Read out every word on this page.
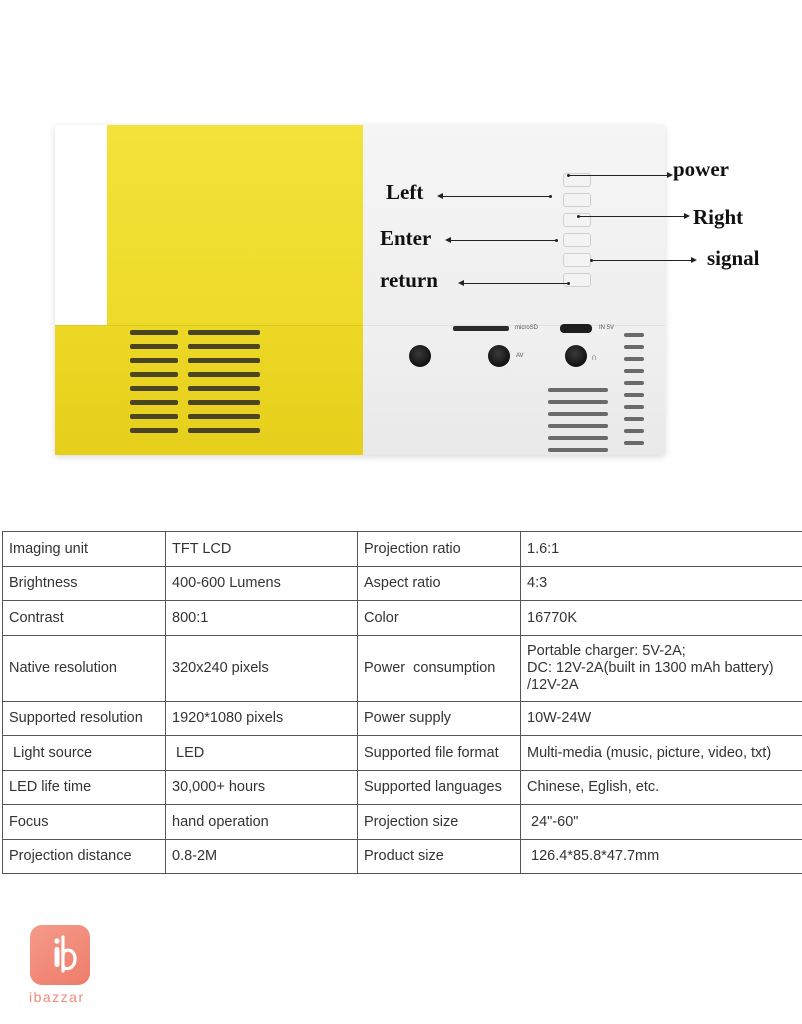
AV	∩
microSD	IN 5V
power
Left
Right
Enter
signal
return
Imaging unit	TFT LCD	Projection ratio	1.6:1
Brightness	400-600 Lumens	Aspect ratio	4:3
Contrast	800:1	Color	16770K
Native resolution	320x240 pixels	Power  consumption	Portable charger: 5V-2A;
DC: 12V-2A(built in 1300 mAh battery)
/12V-2A
Supported resolution	1920*1080 pixels	Power supply	10W-24W
Light source	LED	Supported file format	Multi-media (music, picture, video, txt)
LED life time	30,000+ hours	Supported languages	Chinese, Eglish, etc.
Focus	hand operation	Projection size	24"-60"
Projection distance	0.8-2M	Product size	126.4*85.8*47.7mm
ibazzar
